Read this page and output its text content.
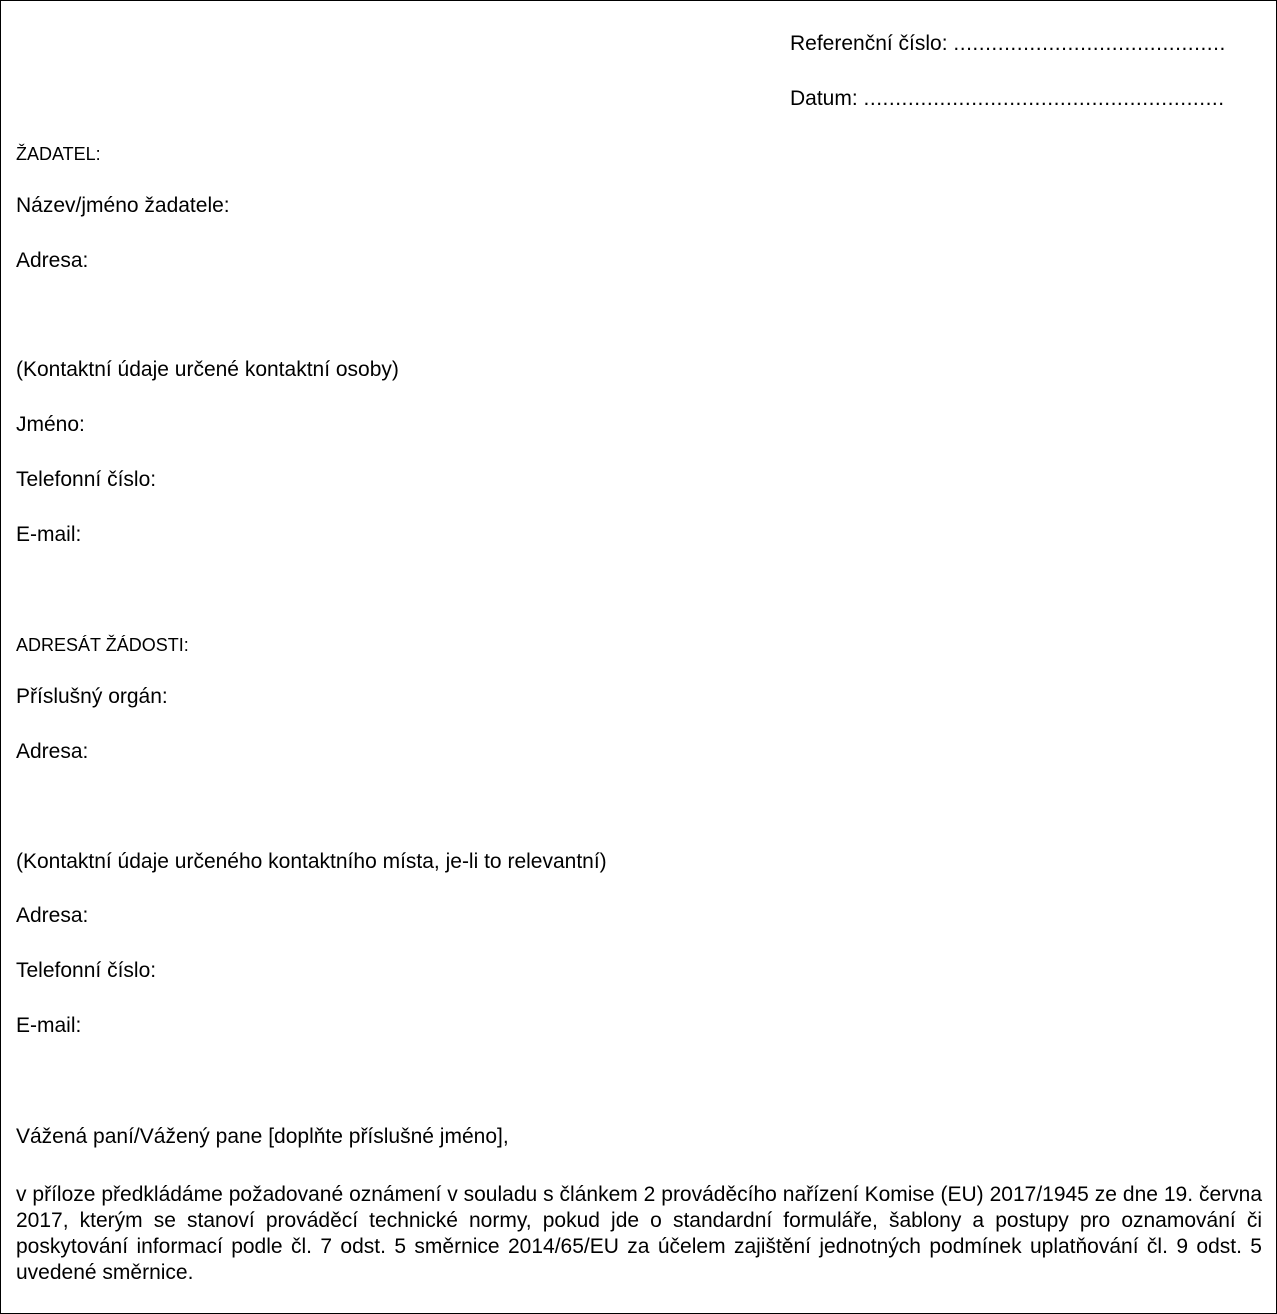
Referenční číslo: ...........................................
Datum: .........................................................
ŽADATEL:
Název/jméno žadatele:
Adresa:
(Kontaktní údaje určené kontaktní osoby)
Jméno:
Telefonní číslo:
E-mail:
ADRESÁT ŽÁDOSTI:
Příslušný orgán:
Adresa:
(Kontaktní údaje určeného kontaktního místa, je-li to relevantní)
Adresa:
Telefonní číslo:
E-mail:
Vážená paní/Vážený pane [doplňte příslušné jméno],
v příloze předkládáme požadované oznámení v souladu s článkem 2 prováděcího nařízení Komise (EU) 2017/1945 ze dne 19. června 2017, kterým se stanoví prováděcí technické normy, pokud jde o standardní formuláře, šablony a postupy pro oznamování či poskytování informací podle čl. 7 odst. 5 směrnice 2014/65/EU za účelem zajištění jednotných podmínek uplatňování čl. 9 odst. 5 uvedené směrnice.
